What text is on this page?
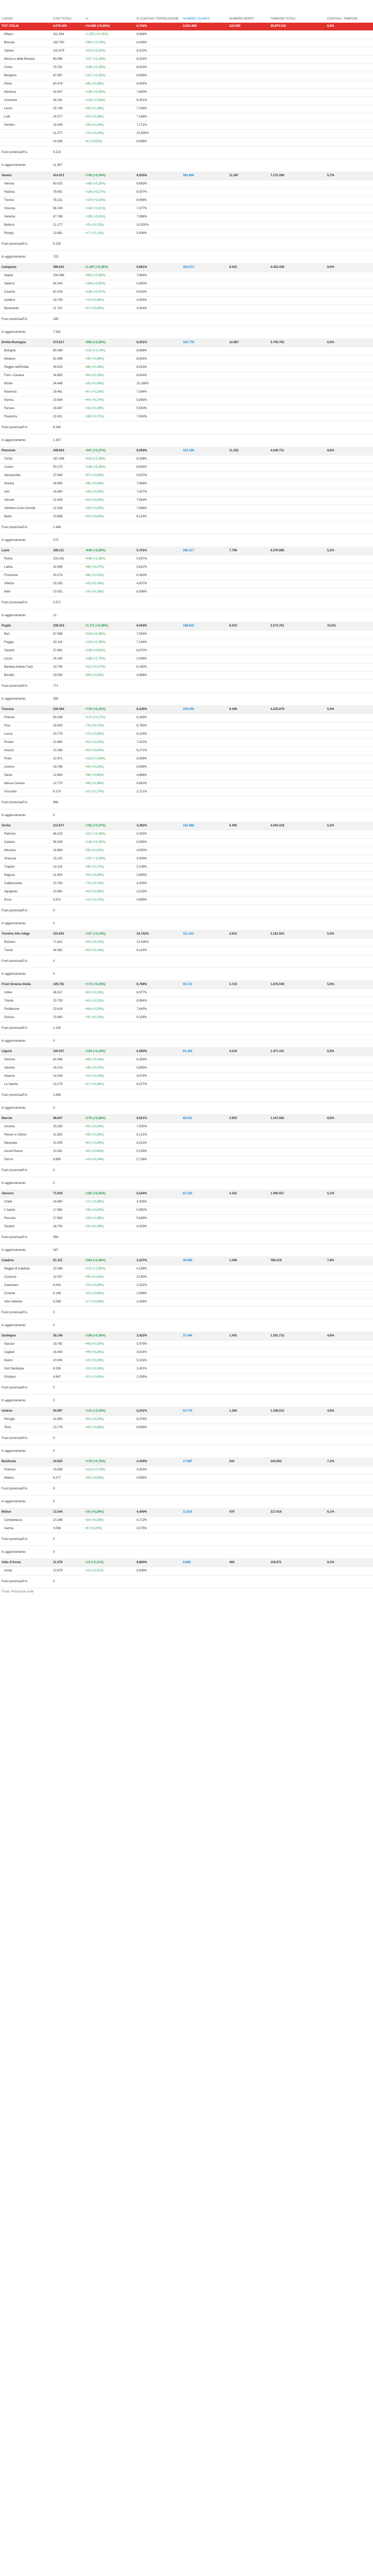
LUOGO	CASI TOTALI	+1	% CONTAGI / POPOLAZIONE	NUMERO GUARITI	NUMERO MORTI	TAMPONI TOTALI	CONTAGI / TAMPONI
TOT. ITALIA	4.070.400	+10.680 (+0,26%)	6,744%	3.541.968	122.005	59.870.530	6,8%
Milano	411.594	+1.057 (+0,15%)	8,094%				
Brescia	182.780	+300 (+0,14%)	8,045%				
Varese	102.879	+223 (+0,22%)	8,202%				
Monza e della Brianza	80.566	+127 (+0,16%)	8,324%				
Como	78.781	+138 (+0,18%)	8,823%				
Bergamo	67.967	+107 (+0,16%)	9,699%				
Pavia	60.478	+95 (+0,16%)	6,554%				
Mantova	42.607	+106 (+0,25%)	7,880%				
Cremona	34.191	+116 (+0,34%)	8,451%				
Lecco	25.749	+46 (+0,18%)	7,234%				
Lodi	24.077	+43 (+0,18%)	7,186%				
Sondrio	19.308	+26 (+0,14%)	7,171%				
	11.377	+15 (+0,13%)	10,500%				
	14.839	+4 (+0,03%)	8,096%				
Fuori provincia/P.A.	9.223						
In aggiornamento	11.387						
Veneto	414.972	+745 (+0,18%)	8,505%	383.866	11.387	7.272.298	5,7%
Verona	80.015	+163 (+0,20%)	8,653%				
Padova	79.801	+136 (+0,17%)	8,557%				
Treviso	78.221	+104 (+0,13%)	8,956%				
Vicenza	68.226	+143 (+0,21%)	7,977%				
Venezia	67.788	+135 (+0,20%)	7,996%				
Belluno	21.177	+25 (+0,12%)	10,500%				
Rovigo	13.691	+17 (+0,12%)	5,908%				
Fuori provincia/P.A.	5.230						
In aggiornamento	723						
Campania	399.631	+1.447 (+0,36%)	6,961%	304.273	6.522	4.422.436	9,0%
Napoli	234.086	+883 (+0,38%)	7,664%				
Salerno	64.344	+194 (+0,30%)	5,950%				
Caserta	62.419	+228 (+0,37%)	6,633%				
Avellino	18.709	+73 (+0,39%)	4,555%				
Benevento	11.720	+57 (+0,49%)	4,304%				
Fuori provincia/P.A.	248						
In aggiornamento	7.352						
Emilia-Romagna	373.617	+955 (+0,26%)	8,351%	320.778	12.867	5.700.763	6,5%
Bologna	90.389	+120 (+0,14%)	8,968%				
Modena	62.488	+36 (+0,06%)	8,834%				
Reggio nell'Emilia	45.615	+86 (+0,19%)	8,623%				
Forlì—Cesena	34.883	+64 (+0,18%)	8,824%				
Rimini	34.448	+30 (+0,09%)	10,188%				
Ravenna	29.461	+67 (+0,23%)	7,594%				
Parma	23.904	+64 (+0,27%)	5,895%				
Ferrara	18.487	+34 (+0,18%)	5,550%				
Piacenza	22.411	+38 (+0,17%)	7,824%				
Fuori provincia/P.A.	9.348						
In aggiornamento	1.397						
Piemonte	348.804	+947 (+0,27%)	8,093%	323.188	11.352	4.040.711	8,6%
Torino	187.498	+510 (+0,28%)	8,268%				
Cuneo	50.170	+126 (+0,25%)	8,590%				
Alessandria	27.949	+67 (+0,24%)	6,637%				
Novara	28.895	+98 (+0,34%)	7,969%				
Asti	16.660	+39 (+0,23%)	7,927%				
Vercelli	12.829	+40 (+0,31%)	7,563%				
Verbano-Cusio-Ossola	12.326	+28 (+0,23%)	7,886%				
Biella	10.858	+42 (+0,40%)	6,119%				
Fuori provincia/P.A.	1.446						
In aggiornamento	173						
Lazio	328.111	+836 (+0,26%)	5,701%	280.217	7.796	6.276.985	5,2%
Roma	234.292	+646 (+0,28%)	5,657%				
Latina	32.689	+86 (+0,27%)	5,812%				
Frosinone	30.274	+66 (+0,22%)	6,340%				
Viterbo	15.335	+25 (+0,16%)	4,837%				
Rieti	10.001	+18 (+0,18%)	6,598%				
Fuori provincia/P.A.	5.571						
In aggiornamento	21						
Puglia	238.315	+1.171 (+0,49%)	6,054%	188.818	6.010	2.273.761	10,5%
Bari	87.588	+318 (+0,36%)	7,063%				
Foggia	43.116	+123 (+0,29%)	7,104%				
Taranto	37.691	+239 (+0,63%)	6,672%				
Lecce	24.140	+166 (+0,70%)	3,096%				
Barletta-Andria-Trani	23.705	+112 (+0,47%)	6,180%				
Brindisi	19.094	+99 (+0,52%)	4,888%				
Fuori provincia/P.A.	771						
In aggiornamento	399						
Toscana	230.284	+744 (+0,32%)	6,236%	205.040	6.308	4.225.879	5,4%
Firenze	63.208	+172 (+0,27%)	6,349%				
Pisa	28.403	+76 (+0,27%)	6,750%				
Lucca	23.775	+72 (+0,30%)	6,215%				
Pistoia	21.880	+51 (+0,23%)	7,422%				
Arezzo	21.098	+84 (+0,40%)	6,271%				
Prato	22.971	+113 (+0,49%)	8,859%				
Livorno	19.788	+45 (+0,23%)	5,899%				
Siena	12.964	+58 (+0,45%)	4,886%				
Massa Carrara	12.770	+48 (+0,38%)	9,662%				
Grosseto	8.179	+22 (+0,27%)	3,721%				
Fuori provincia/P.A.	866						
In aggiornamento	0						
Sicilia	213.677	+782 (+0,37%)	4,382%	181.688	5.492	4.004.318	5,3%
Palermo	66.323	+217 (+0,33%)	5,333%				
Catania	56.026	+142 (+0,25%)	5,085%				
Messina	24.864	+56 (+0,23%)	4,050%				
Siracusa	15.220	+157 (+1,04%)	3,909%				
Trapani	13.119	+36 (+0,27%)	3,108%				
Ragusa	11.554	+32 (+0,28%)	3,645%				
Caltanissetta	10.763	+79 (+0,74%)	4,205%				
Agrigento	10.691	+42 (+0,39%)	2,515%				
Enna	5.873	+10 (+0,17%)	3,699%				
Fuori provincia/P.A.	0						
In aggiornamento	0						
Trentino Alto Adige	115.603	+157 (+0,14%)	10,742%	111.163	2.813	2.181.503	5,3%
Bolzano	71.621	+94 (+0,13%)	13,428%				
Trento	44.382	+63 (+0,14%)	8,119%				
Fuori provincia/P.A.	0						
In aggiornamento	0						
Friuli Venezia Giulia	105.781	+174 (+0,16%)	8,768%	93.172	3.723	1.878.045	5,6%
Udine	46.317	+60 (+0,13%)	8,977%				
Trieste	20.793	+43 (+0,21%)	8,984%				
Pordenone	23.618	+48 (+0,20%)	7,640%				
Gorizia	13.863	+30 (+0,22%)	9,326%				
Fuori provincia/P.A.	1.190						
In aggiornamento	0						
Liguria	100.027	+194 (+0,19%)	6,580%	91.406	4.219	1.471.331	6,8%
Genova	62.486	+88 (+0,14%)	6,354%				
Savona	16.013	+36 (+0,22%)	5,855%				
Imperia	14.004	+31 (+0,22%)	6,574%				
La Spezia	13.179	+47 (+0,36%)	6,027%				
Fuori provincia/P.A.	1.694						
In aggiornamento	0						
Marche	98.637	+276 (+0,28%)	6,521%	89.611	2.953	1.147.082	8,6%
Ancona	33.283	+80 (+0,24%)	7,005%				
Pesaro e Urbino	31.832	+55 (+0,25%)	6,121%				
Macerata	20.305	+61 (+0,30%)	6,513%				
Ascoli Piceno	10.591	+42 (+0,40%)	5,159%				
Fermo	9.895	+24 (+0,24%)	5,738%				
Fuori provincia/P.A.	0						
In aggiornamento	0						
Abruzzo	71.919	+182 (+0,25%)	5,544%	61.535	2.422	1.400.557	5,1%
Chieti	16.860	+71 (+0,38%)	4,305%				
L'Aquila	17.881	+38 (+0,20%)	5,992%				
Pescara	17.882	+28 (+0,16%)	5,649%				
Teramo	18.700	+30 (+0,16%)	6,093%				
Fuori provincia/P.A.	554						
In aggiornamento	187						
Calabria	61.311	+284 (+0,46%)	3,247%	48.990	1.046	786.219	7,8%
Reggio di Calabria	22.085	+122 (+0,55%)	4,158%				
Cosenza	22.037	+90 (+0,41%)	3,190%				
Catanzaro	8.043	+20 (+0,25%)	2,331%				
Crotone	5.148	+23 (+0,45%)	2,999%				
Vibo Valentia	5.098	+17 (+0,34%)	3,269%				
Fuori provincia/P.A.	0						
In aggiornamento	0						
Sardegna	55.146	+198 (+0,36%)	3,422%	37.466	1.403	1.201.715	4,6%
Sassari	19.762	+65 (+0,33%)	3,975%				
Cagliari	16.443	+46 (+0,28%)	3,814%				
Nuoro	10.091	+23 (+0,23%)	5,315%				
Sud Sardegna	8.336	+20 (+0,24%)	2,421%				
Oristano	4.867	+21 (+0,43%)	2,308%				
Fuori provincia/P.A.	0						
In aggiornamento	0						
Umbria	54.997	+131 (+0,24%)	6,241%	50.776	1.364	1.196.012	4,6%
Perugia	41.883	+82 (+0,20%)	6,474%				
Terni	13.776	+49 (+0,36%)	6,089%				
Fuori provincia/P.A.	0						
In aggiornamento	0						
Basilicata	24.925	+176 (+0,72%)	4,429%	17.697	543	343.952	7,2%
Potenza	15.639	+113 (+0,73%)	4,363%				
Matera	9.277	+55 (+0,60%)	4,556%				
Fuori provincia/P.A.	9						
In aggiornamento	0						
Molise	13.344	+35 (+0,26%)	4,440%	11.816	479	217.616	6,1%
Campobasso	10.288	+24 (+0,23%)	4,712%				
Isernia	3.056	+6 (+0,20%)	3,575%				
Fuori provincia/P.A.	0						
In aggiornamento	0						
Valle d'Aosta	11.079	+12 (+0,11%)	8,860%	9.980	460	118.671	9,3%
Aosta	10.679	+12 (+0,11%)	8,538%				
Fuori provincia/P.A.	0						
Fonte: Protezione civile
